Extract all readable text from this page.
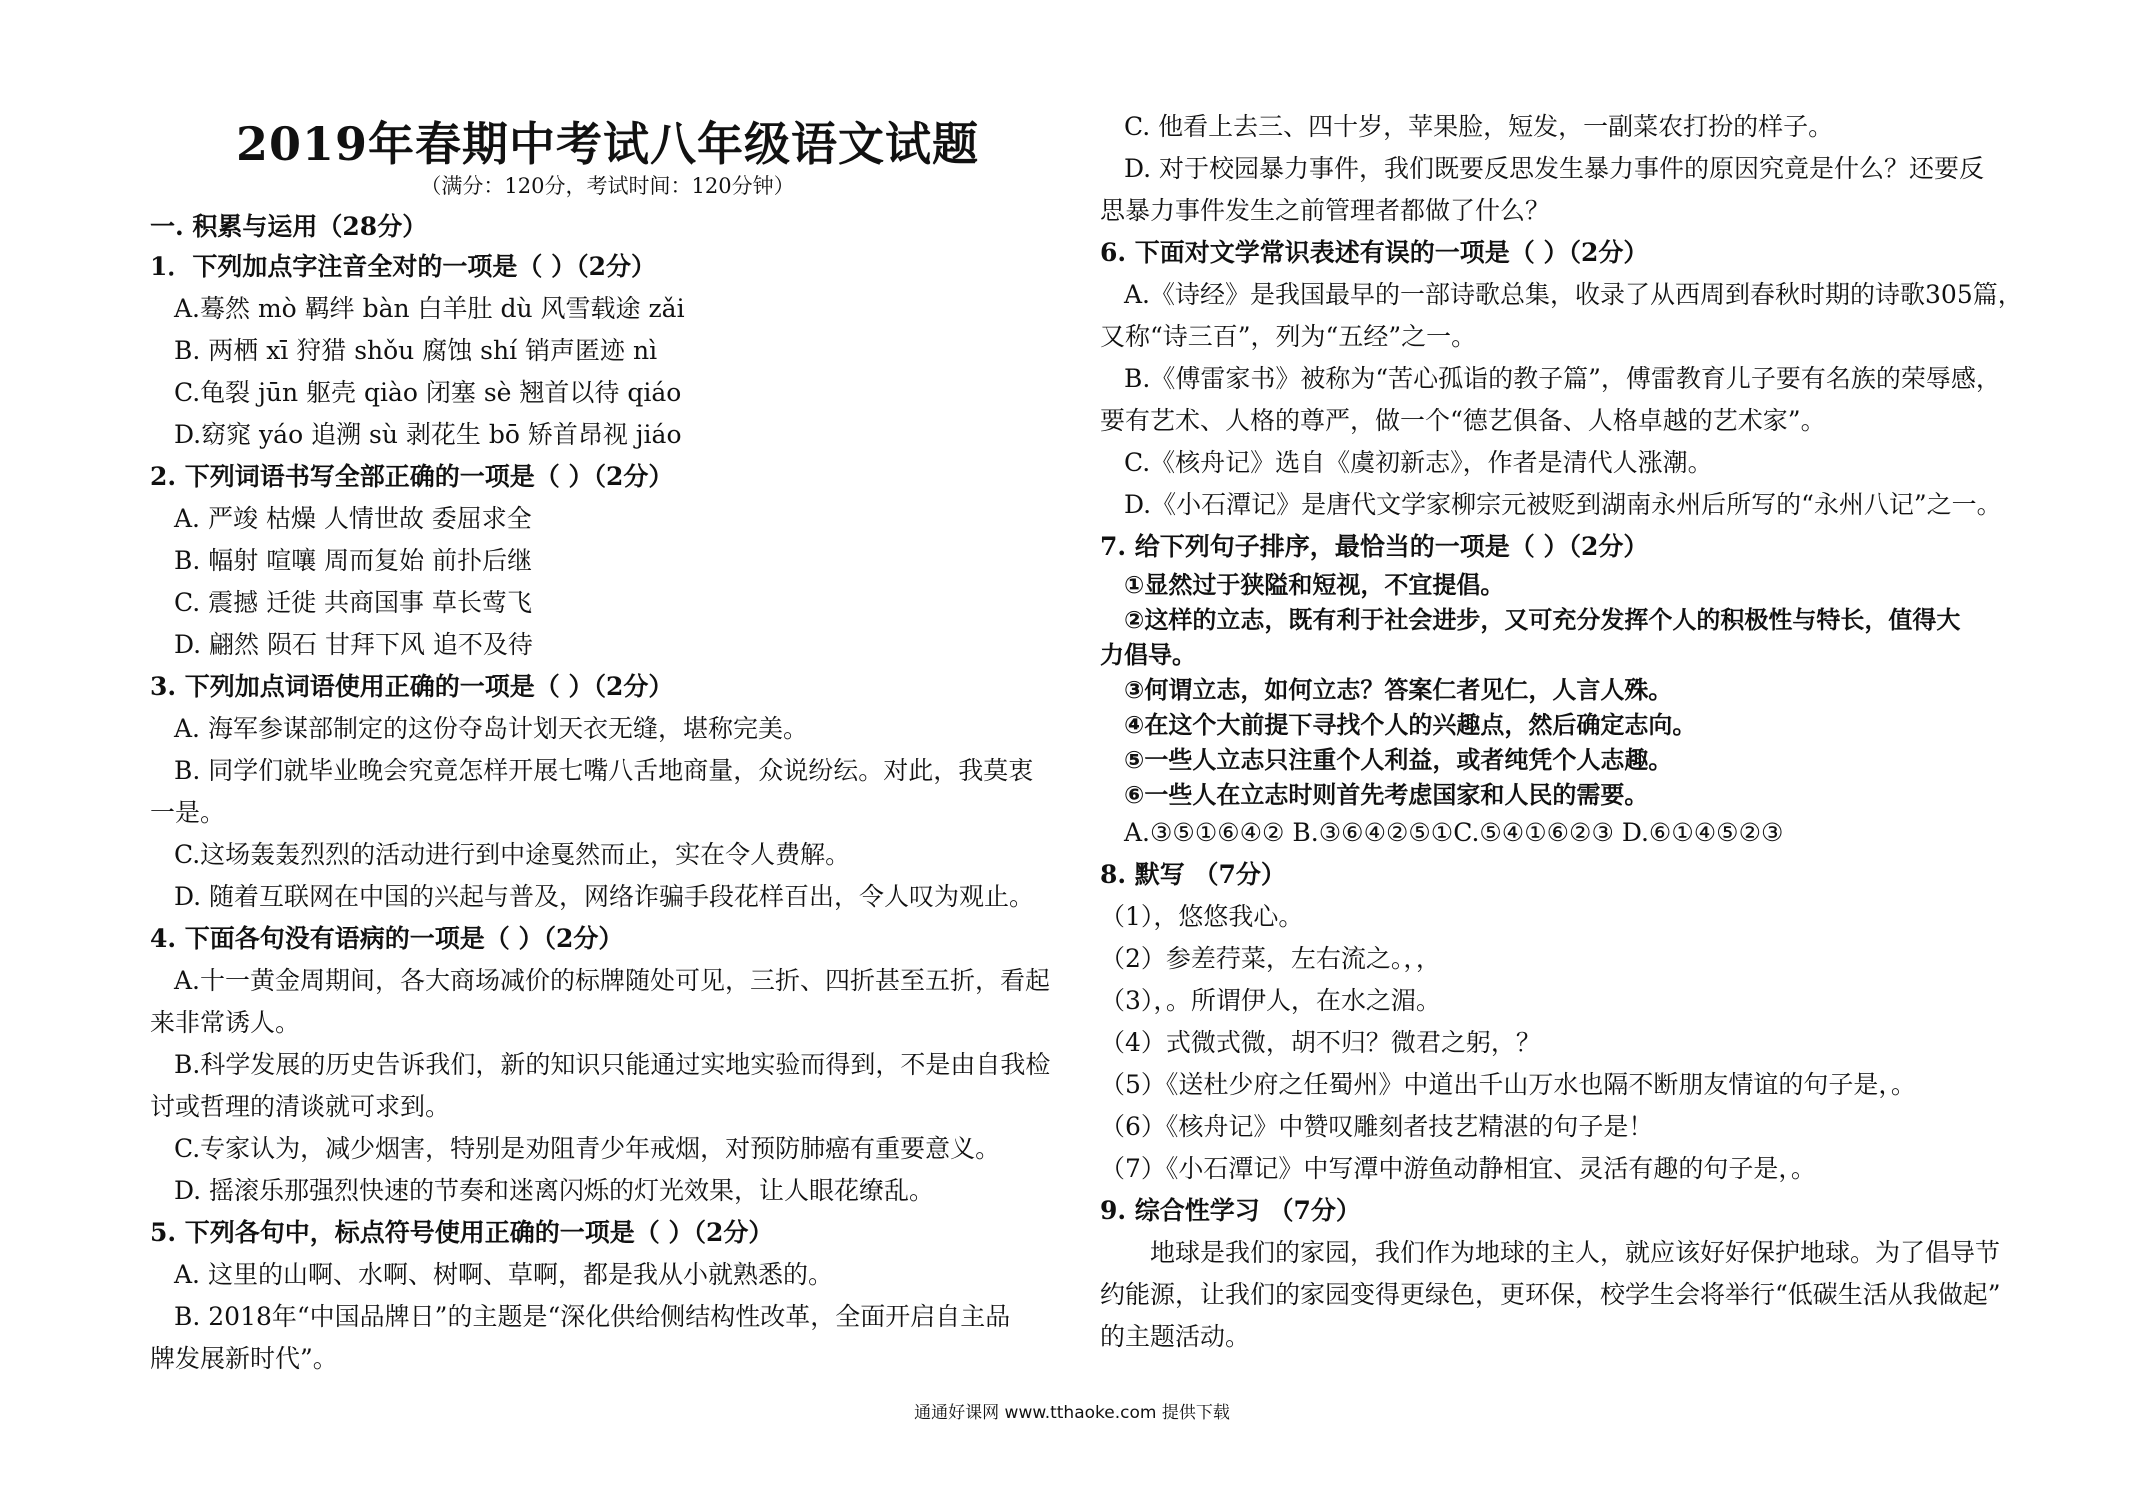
2019年春期中考试八年级语文试题
（满分：120分，考试时间：120分钟）
一. 积累与运用（28分）
1．下列加点字注音全对的一项是（ ）（2分）
A.蓦然 mò 羁绊 bàn 白羊肚 dù 风雪载途 zǎi
B. 两栖 xī 狩猎 shǒu 腐蚀 shí 销声匿迹 nì
C.龟裂 jūn 躯壳 qiào 闭塞 sè 翘首以待 qiáo
D.窈窕 yáo 追溯 sù 剥花生 bō 矫首昂视 jiáo
2. 下列词语书写全部正确的一项是（ ）（2分）
A. 严竣 枯燥 人情世故 委屈求全
B. 幅射 喧嚷 周而复始 前扑后继
C. 震撼 迁徙 共商国事 草长莺飞
D. 翩然 陨石 甘拜下风 追不及待
3. 下列加点词语使用正确的一项是（ ）（2分）
A. 海军参谋部制定的这份夺岛计划天衣无缝，堪称完美。
B. 同学们就毕业晚会究竟怎样开展七嘴八舌地商量，众说纷纭。对此，我莫衷
一是。
C.这场轰轰烈烈的活动进行到中途戛然而止，实在令人费解。
D. 随着互联网在中国的兴起与普及，网络诈骗手段花样百出，令人叹为观止。
4. 下面各句没有语病的一项是（ ）（2分）
A.十一黄金周期间，各大商场减价的标牌随处可见，三折、四折甚至五折，看起
来非常诱人。
B.科学发展的历史告诉我们，新的知识只能通过实地实验而得到，不是由自我检
讨或哲理的清谈就可求到。
C.专家认为，减少烟害，特别是劝阻青少年戒烟，对预防肺癌有重要意义。
D. 摇滚乐那强烈快速的节奏和迷离闪烁的灯光效果，让人眼花缭乱。
5. 下列各句中，标点符号使用正确的一项是（ ）（2分）
A. 这里的山啊、水啊、树啊、草啊，都是我从小就熟悉的。
B. 2018年“中国品牌日”的主题是“深化供给侧结构性改革，全面开启自主品
牌发展新时代”。
C. 他看上去三、四十岁，苹果脸，短发，一副菜农打扮的样子。
D. 对于校园暴力事件，我们既要反思发生暴力事件的原因究竟是什么？还要反
思暴力事件发生之前管理者都做了什么？
6. 下面对文学常识表述有误的一项是（ ）（2分）
A.《诗经》是我国最早的一部诗歌总集，收录了从西周到春秋时期的诗歌305篇，
又称“诗三百”，列为“五经”之一。
B.《傅雷家书》被称为“苦心孤诣的教子篇”，傅雷教育儿子要有名族的荣辱感，
要有艺术、人格的尊严，做一个“德艺俱备、人格卓越的艺术家”。
C.《核舟记》选自《虞初新志》，作者是清代人涨潮。
D.《小石潭记》是唐代文学家柳宗元被贬到湖南永州后所写的“永州八记”之一。
7. 给下列句子排序，最恰当的一项是（ ）（2分）
①显然过于狭隘和短视，不宜提倡。
②这样的立志，既有利于社会进步，又可充分发挥个人的积极性与特长，值得大
力倡导。
③何谓立志，如何立志？答案仁者见仁，人言人殊。
④在这个大前提下寻找个人的兴趣点，然后确定志向。
⑤一些人立志只注重个人利益，或者纯凭个人志趣。
⑥一些人在立志时则首先考虑国家和人民的需要。
A.③⑤①⑥④② B.③⑥④②⑤①C.⑤④①⑥②③ D.⑥①④⑤②③
8. 默写 （7分）
（1），悠悠我心。
（2）参差荇菜，左右流之。，，
（3），。所谓伊人，在水之湄。
（4）式微式微，胡不归？微君之躬，？
（5）《送杜少府之任蜀州》中道出千山万水也隔不断朋友情谊的句子是，。
（6）《核舟记》中赞叹雕刻者技艺精湛的句子是！
（7）《小石潭记》中写潭中游鱼动静相宜、灵活有趣的句子是，。
9. 综合性学习 （7分）
地球是我们的家园，我们作为地球的主人，就应该好好保护地球。为了倡导节
约能源，让我们的家园变得更绿色，更环保，校学生会将举行“低碳生活从我做起”
的主题活动。
通通好课网 www.tthaoke.com 提供下载
